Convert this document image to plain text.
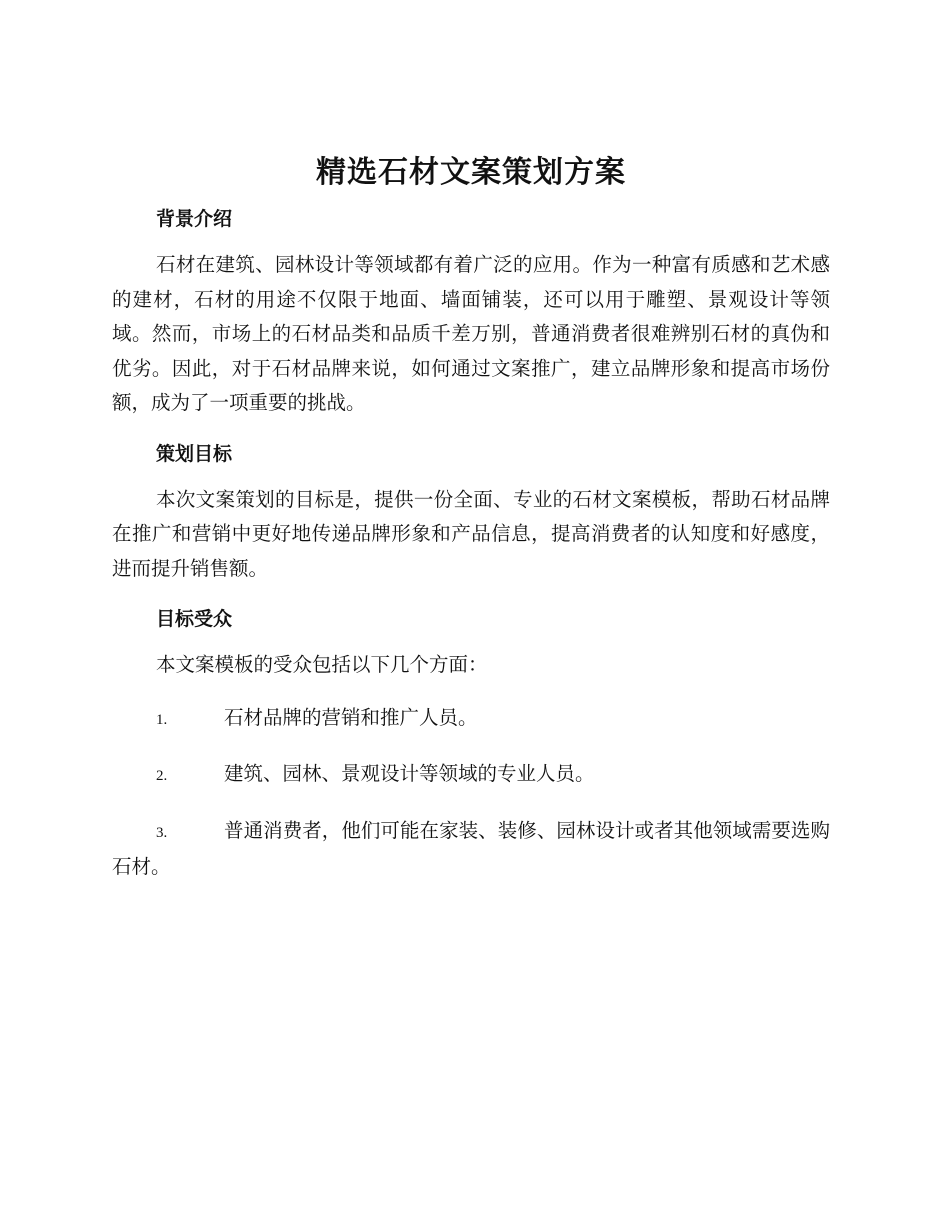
精选石材文案策划方案
背景介绍

石材在建筑、园林设计等领域都有着广泛的应用。作为一种富有质感和艺术感的建材，石材的用途不仅限于地面、墙面铺装，还可以用于雕塑、景观设计等领域。然而，市场上的石材品类和品质千差万别，普通消费者很难辨别石材的真伪和优劣。因此，对于石材品牌来说，如何通过文案推广，建立品牌形象和提高市场份额，成为了一项重要的挑战。

策划目标

本次文案策划的目标是，提供一份全面、专业的石材文案模板，帮助石材品牌在推广和营销中更好地传递品牌形象和产品信息，提高消费者的认知度和好感度，进而提升销售额。

目标受众

本文案模板的受众包括以下几个方面：

1.	石材品牌的营销和推广人员。
2.	建筑、园林、景观设计等领域的专业人员。
3.	普通消费者，他们可能在家装、装修、园林设计或者其他领域需要选购石材。
